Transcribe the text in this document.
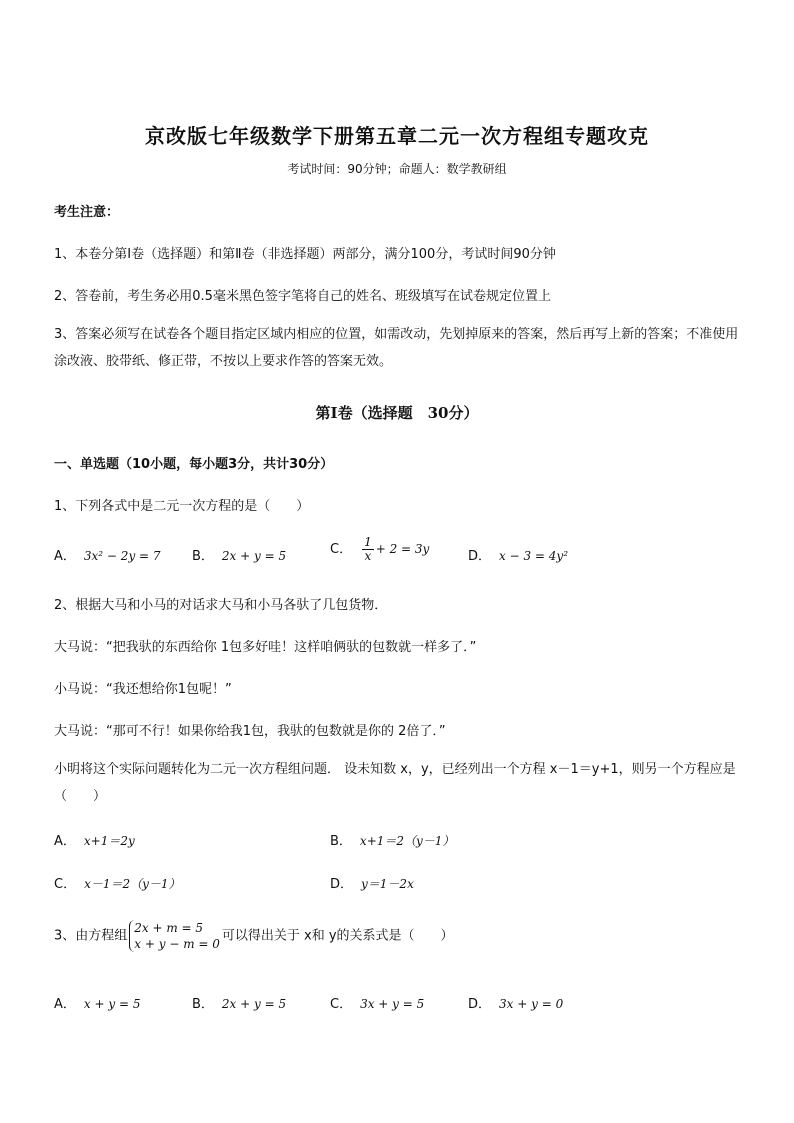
京改版七年级数学下册第五章二元一次方程组专题攻克
考试时间：90分钟；命题人：数学教研组
考生注意：
1、本卷分第Ⅰ卷（选择题）和第Ⅱ卷（非选择题）两部分，满分100分，考试时间90分钟
2、答卷前，考生务必用0.5毫米黑色签字笔将自己的姓名、班级填写在试卷规定位置上
3、答案必须写在试卷各个题目指定区域内相应的位置，如需改动，先划掉原来的答案，然后再写上新的答案；不准使用涂改液、胶带纸、修正带，不按以上要求作答的答案无效。
第Ⅰ卷（选择题　30分）
一、单选题（10小题，每小题3分，共计30分）
1、下列各式中是二元一次方程的是（　　）
A． 3x² − 2y = 7 B． 2x + y = 5	C． $\frac{1}{x} + 2 = 3y$	D． x − 3 = 4y²
2、根据大马和小马的对话求大马和小马各驮了几包货物．
大马说：“把我驮的东西给你 1包多好哇！这样咱俩驮的包数就一样多了．”
小马说：“我还想给你1包呢！”
大马说：“那可不行！如果你给我1包，我驮的包数就是你的 2倍了．”
小明将这个实际问题转化为二元一次方程组问题． 设未知数 x，y，已经列出一个方程 x－1＝y+1，则另一个方程应是（　　）
A． x+1＝2y	B． x+1＝2（y－1）
C． x－1＝2（y－1）	D． y＝1－2x
3、由方程组
2x + m = 5
x + y − m = 0
可以得出关于 x和 y的关系式是（　　）
A． x + y = 5	B． 2x + y = 5	C． 3x + y = 5	D． 3x + y = 0
